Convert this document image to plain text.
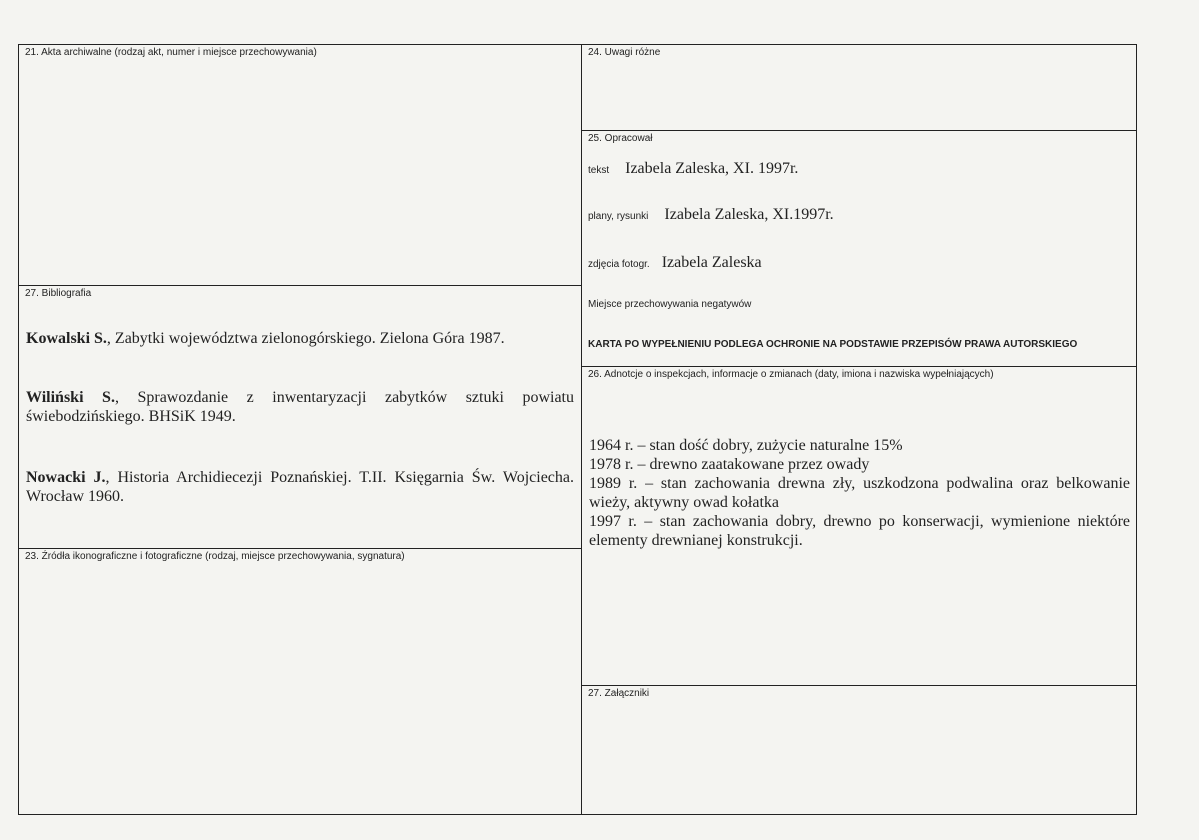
21. Akta archiwalne (rodzaj akt, numer i miejsce przechowywania)
27. Bibliografia
Kowalski S., Zabytki województwa zielonogórskiego. Zielona Góra 1987.
Wiliński S., Sprawozdanie z inwentaryzacji zabytków sztuki powiatu świebodzińskiego. BHSiK 1949.
Nowacki J., Historia Archidiecezji Poznańskiej. T.II. Księgarnia Św. Wojciecha. Wrocław 1960.
23. Źródła ikonograficzne i fotograficzne (rodzaj, miejsce przechowywania, sygnatura)
24. Uwagi różne
25. Opracował
tekst Izabela Zaleska, XI. 1997r.
plany, rysunki Izabela Zaleska, XI.1997r.
zdjęcia fotogr. Izabela Zaleska
Miejsce przechowywania negatywów
KARTA PO WYPEŁNIENIU PODLEGA OCHRONIE NA PODSTAWIE PRZEPISÓW PRAWA AUTORSKIEGO
26. Adnotcje o inspekcjach, informacje o zmianach (daty, imiona i nazwiska wypełniających)
1964 r. – stan dość dobry, zużycie naturalne 15%
1978 r. – drewno zaatakowane przez owady
1989 r. – stan zachowania drewna zły, uszkodzona podwalina oraz belkowanie wieży, aktywny owad kołatka
1997 r. – stan zachowania dobry, drewno po konserwacji, wymienione niektóre elementy drewnianej konstrukcji.
27. Załączniki
